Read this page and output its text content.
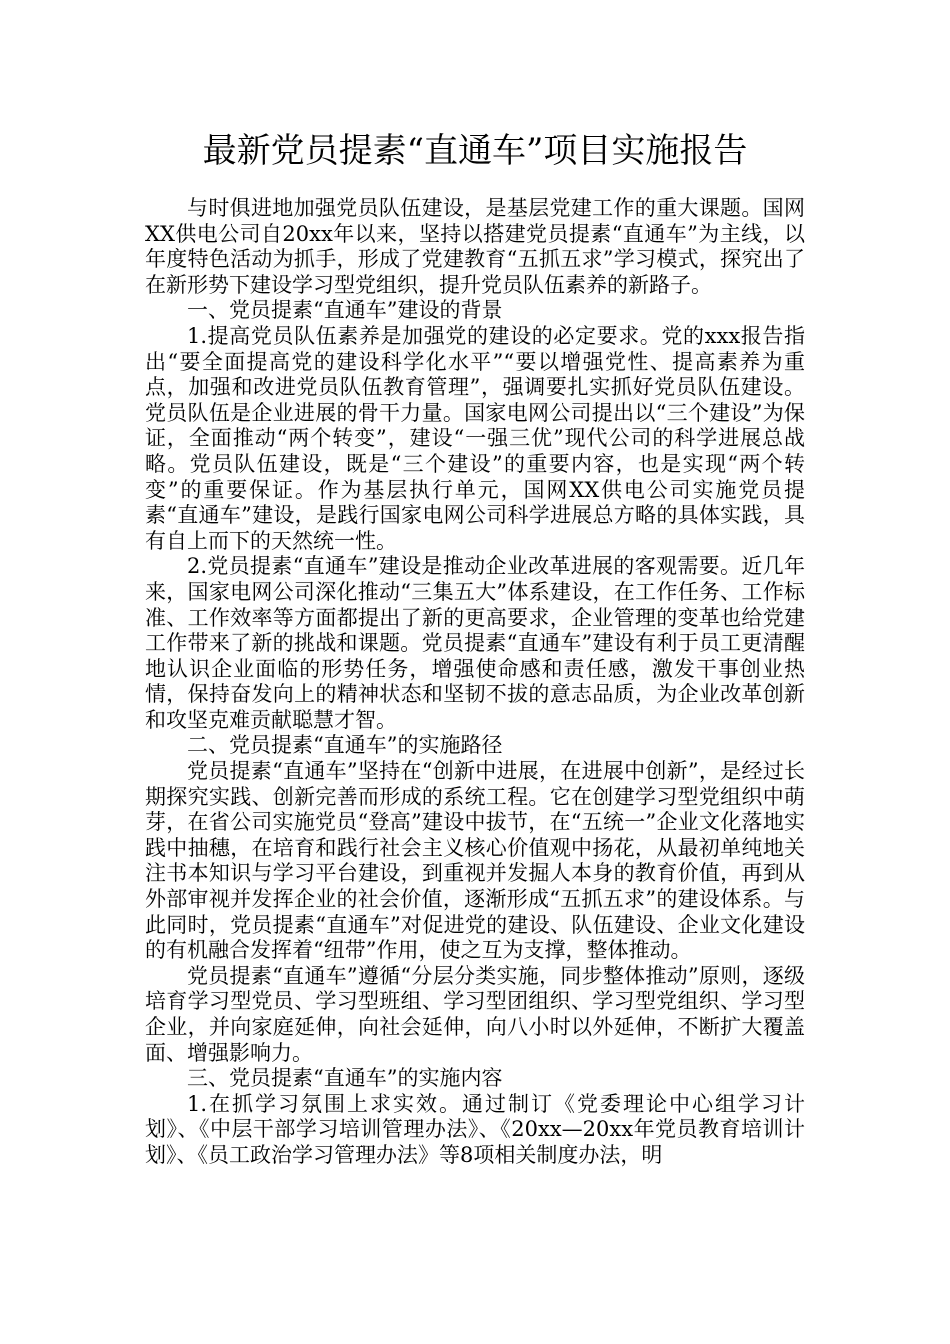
最新党员提素“直通车”项目实施报告

与时俱进地加强党员队伍建设，是基层党建工作的重大课题。国网XX供电公司自20xx年以来，坚持以搭建党员提素“直通车”为主线，以年度特色活动为抓手，形成了党建教育“五抓五求”学习模式，探究出了在新形势下建设学习型党组织，提升党员队伍素养的新路子。

一、党员提素“直通车”建设的背景

1.提高党员队伍素养是加强党的建设的必定要求。党的xxx报告指出“要全面提高党的建设科学化水平”“要以增强党性、提高素养为重点，加强和改进党员队伍教育管理”，强调要扎实抓好党员队伍建设。党员队伍是企业进展的骨干力量。国家电网公司提出以“三个建设”为保证，全面推动“两个转变”，建设“一强三优”现代公司的科学进展总战略。党员队伍建设，既是“三个建设”的重要内容，也是实现“两个转变”的重要保证。作为基层执行单元，国网XX供电公司实施党员提素“直通车”建设，是践行国家电网公司科学进展总方略的具体实践，具有自上而下的天然统一性。

2.党员提素“直通车”建设是推动企业改革进展的客观需要。近几年来，国家电网公司深化推动“三集五大”体系建设，在工作任务、工作标准、工作效率等方面都提出了新的更高要求，企业管理的变革也给党建工作带来了新的挑战和课题。党员提素“直通车”建设有利于员工更清醒地认识企业面临的形势任务，增强使命感和责任感，激发干事创业热情，保持奋发向上的精神状态和坚韧不拔的意志品质，为企业改革创新和攻坚克难贡献聪慧才智。

二、党员提素“直通车”的实施路径

党员提素“直通车”坚持在“创新中进展，在进展中创新”，是经过长期探究实践、创新完善而形成的系统工程。它在创建学习型党组织中萌芽，在省公司实施党员“登高”建设中拔节，在“五统一”企业文化落地实践中抽穗，在培育和践行社会主义核心价值观中扬花，从最初单纯地关注书本知识与学习平台建设，到重视并发掘人本身的教育价值，再到从外部审视并发挥企业的社会价值，逐渐形成“五抓五求”的建设体系。与此同时，党员提素“直通车”对促进党的建设、队伍建设、企业文化建设的有机融合发挥着“纽带”作用，使之互为支撑，整体推动。

党员提素“直通车”遵循“分层分类实施，同步整体推动”原则，逐级培育学习型党员、学习型班组、学习型团组织、学习型党组织、学习型企业，并向家庭延伸，向社会延伸，向八小时以外延伸，不断扩大覆盖面、增强影响力。

三、党员提素“直通车”的实施内容

1.在抓学习氛围上求实效。通过制订《党委理论中心组学习计划》、《中层干部学习培训管理办法》、《20xx—20xx年党员教育培训计划》、《员工政治学习管理办法》等8项相关制度办法，明
